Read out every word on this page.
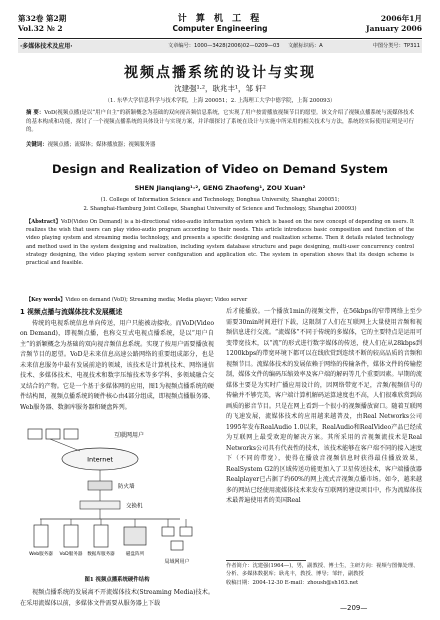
第32卷 第2期
Vol.32 № 2
计 算 机 工 程
Computer Engineering
2006年1月
January 2006
·多媒体技术及应用·	文章编号：1000—3428(2006)02—0209—03 文献标识码：A	中图分类号：TP311
视频点播系统的设计与实现
沈建强¹·²，耿兆丰¹，邹 轩²
（1. 东华大学信息科学与技术学院，上海 200051；2. 上海理工大学中德学院，上海 200093）
摘 要：VoD(视频点播)是以“用户自主”的新颖概念为基础的双向视音频信息系统，它实现了用户按需播放视频节目的愿望。该文介绍了视频点播系统与流媒体技术的基本构成和功能，探讨了一个视频点播系统的具体设计与实现方案，并详细探讨了系统在设计与实施中所采用的相关技术与方法，系统经实际使用证明是可行的。
关键词：视频点播；流媒体；媒体播放器；视频服务器
Design and Realization of Video on Demand System
SHEN Jianqiang¹·², GENG Zhaofeng¹, ZOU Xuan²
(1. College of Information Science and Technology, Donghua University, Shanghai 200051;
2. Shanghai-Hamburg Joint College, Shanghai University of Science and Technology, Shanghai 200093)
【Abstract】VoD(Video On Demand) is a bi-directional video-audio information system which is based on the new concept of depending on users. It realizes the wish that users can play video-audio program according to their needs. This article introduces basic composition and function of the video playing system and streaming media technology, and presents a specific designing and realization scheme. Then it details related technology and method used in the system designing and realization, including system database structure and page designing, multi-user concurrency control strategy designing, the video playing system server configuration and application etc. The system in operation shows that its design scheme is practical and feasible.
【Key words】Video on demand (VoD); Streaming media; Media player; Video server
1 视频点播与流媒体技术发展概述
传统的电视系统信息单向传送，用户只能被动接收。而VoD(Video on Demand)，即视频点播，也称交互式电视点播系统，是以“用户自主”的新颖概念为基础的双向视音频信息系统。实现了按用户需要播放视音频节目的愿望。VoD是未来信息高速公路网络的重要组成部分，也是未来信息服务中最有发展前途的领域，该技术是计算机技术、网络通信技术、多媒体技术、电视技术和数字压缩技术等多学科、多领域融合交叉结合的产物。它是一个基于多媒体网的应用，图1为视频点播系统的硬件结构图，视频点播系统的硬件核心由4部分组成，即视频点播服务器、Web服务器、数据库服务器和硬盘阵列。
互联网用户
Internet
防火墙
交换机
Web服务器 VoD服务器 数据库服务器 磁盘阵列
局域网用户
图1 视频点播系统硬件结构
视频点播系统的发展离不开流媒体技术(Streaming Media)技术。在采用流媒体以前，多媒体文件需要从服务器上下载
后才能播放。一个播放1min的视频文件，在56kbps的窄带网络上至少需要30min时间进行下载，这限制了人们在互联网上大量使用音频和视频信息进行交流。“流媒体”不同于传统的多媒体，它的主要特点是运用可变带宽技术，以“流”的形式进行数字媒体的传送，使人们在从28kbps到1200kbps的带宽环境下都可以在线欣赏到连续不断的较高品质的音频和视频节目。流媒体技术的发展依赖于网络的传输条件，媒体文件的传输控制，媒体文件的编码压缩效率及客户端的解码等几个重要因素。早期的流媒体主要是为实时广播应用设计的，因网络带宽不足，音频/视频信号的传输并不够完美，客户端计算机解码运算速度也不高，人们很难欣赏到高画质的影音节目。只是在网上看到一个很小的视频播放窗口。随着互联网的飞速发展，流媒体技术的应用越来越普及，由Real Networks公司1995年发布RealAudio 1.0以来，RealAudio和RealVideo产品已经成为互联网上最受欢迎的解决方案。其所采用的音视频流技术是Real Networks公司具有代表性的技术，该技术能够在客户端不同的接入速度下（不同的带宽），使得在播放音视频信息时获得最佳播放效果，RealSystem G2的区域传送功能更加入了卫星传送技术，客户端播放器Realplayer已占据了约60%的网上流式音视频点播市场。如今，越来越多的网站已经使用流媒体技术来发布互联网的建设项目中，作为流媒体技术最普遍使用者的美国Real
作者简介：沈建强(1964—)，男，副教授、博士生，主研方向：视频与图像处理、分析、多媒体数据库；耿兆丰，教授、博导；邹轩，副教授
收稿日期：2004-12-30 E-mail：zhoush@sh163.net
—209—
